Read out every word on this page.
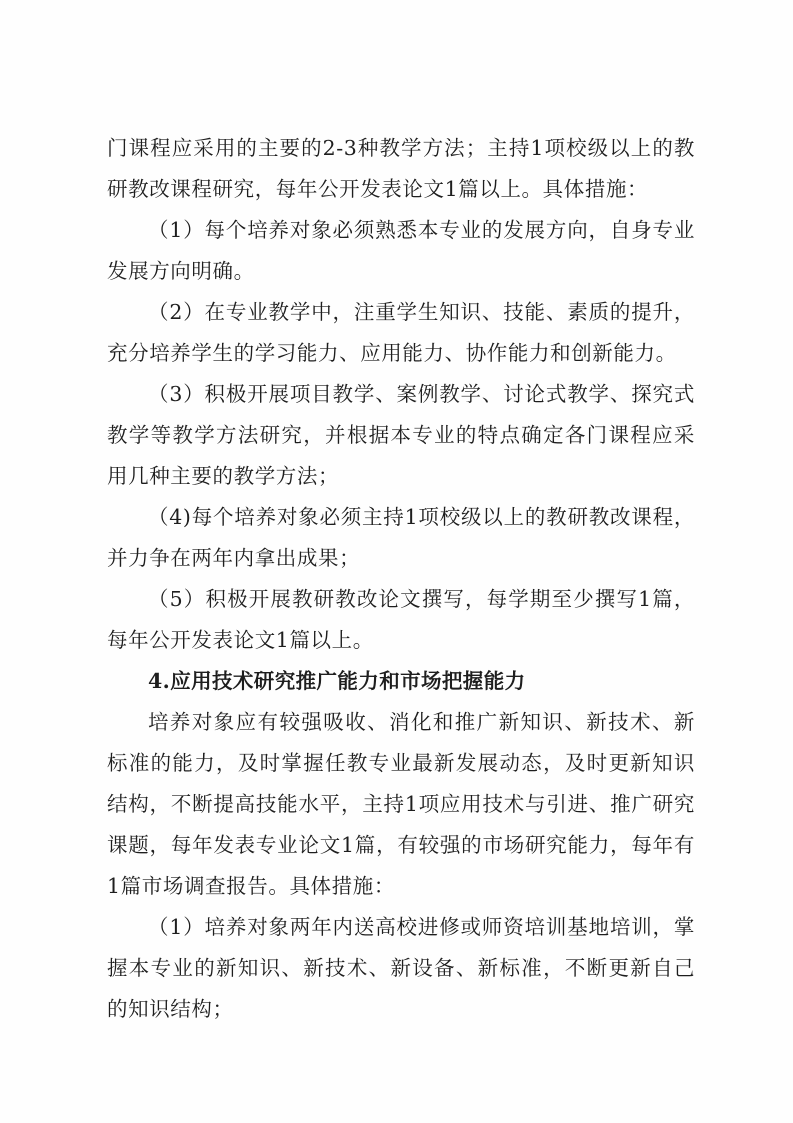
门课程应采用的主要的2-3种教学方法；主持1项校级以上的教研教改课程研究，每年公开发表论文1篇以上。具体措施：

（1）每个培养对象必须熟悉本专业的发展方向，自身专业发展方向明确。

（2）在专业教学中，注重学生知识、技能、素质的提升，充分培养学生的学习能力、应用能力、协作能力和创新能力。

（3）积极开展项目教学、案例教学、讨论式教学、探究式教学等教学方法研究，并根据本专业的特点确定各门课程应采用几种主要的教学方法；

（4)每个培养对象必须主持1项校级以上的教研教改课程，并力争在两年内拿出成果；

（5）积极开展教研教改论文撰写，每学期至少撰写1篇，每年公开发表论文1篇以上。

4.应用技术研究推广能力和市场把握能力

培养对象应有较强吸收、消化和推广新知识、新技术、新标准的能力，及时掌握任教专业最新发展动态，及时更新知识结构，不断提高技能水平，主持1项应用技术与引进、推广研究课题，每年发表专业论文1篇，有较强的市场研究能力，每年有1篇市场调查报告。具体措施：

（1）培养对象两年内送高校进修或师资培训基地培训，掌握本专业的新知识、新技术、新设备、新标准，不断更新自己的知识结构；
